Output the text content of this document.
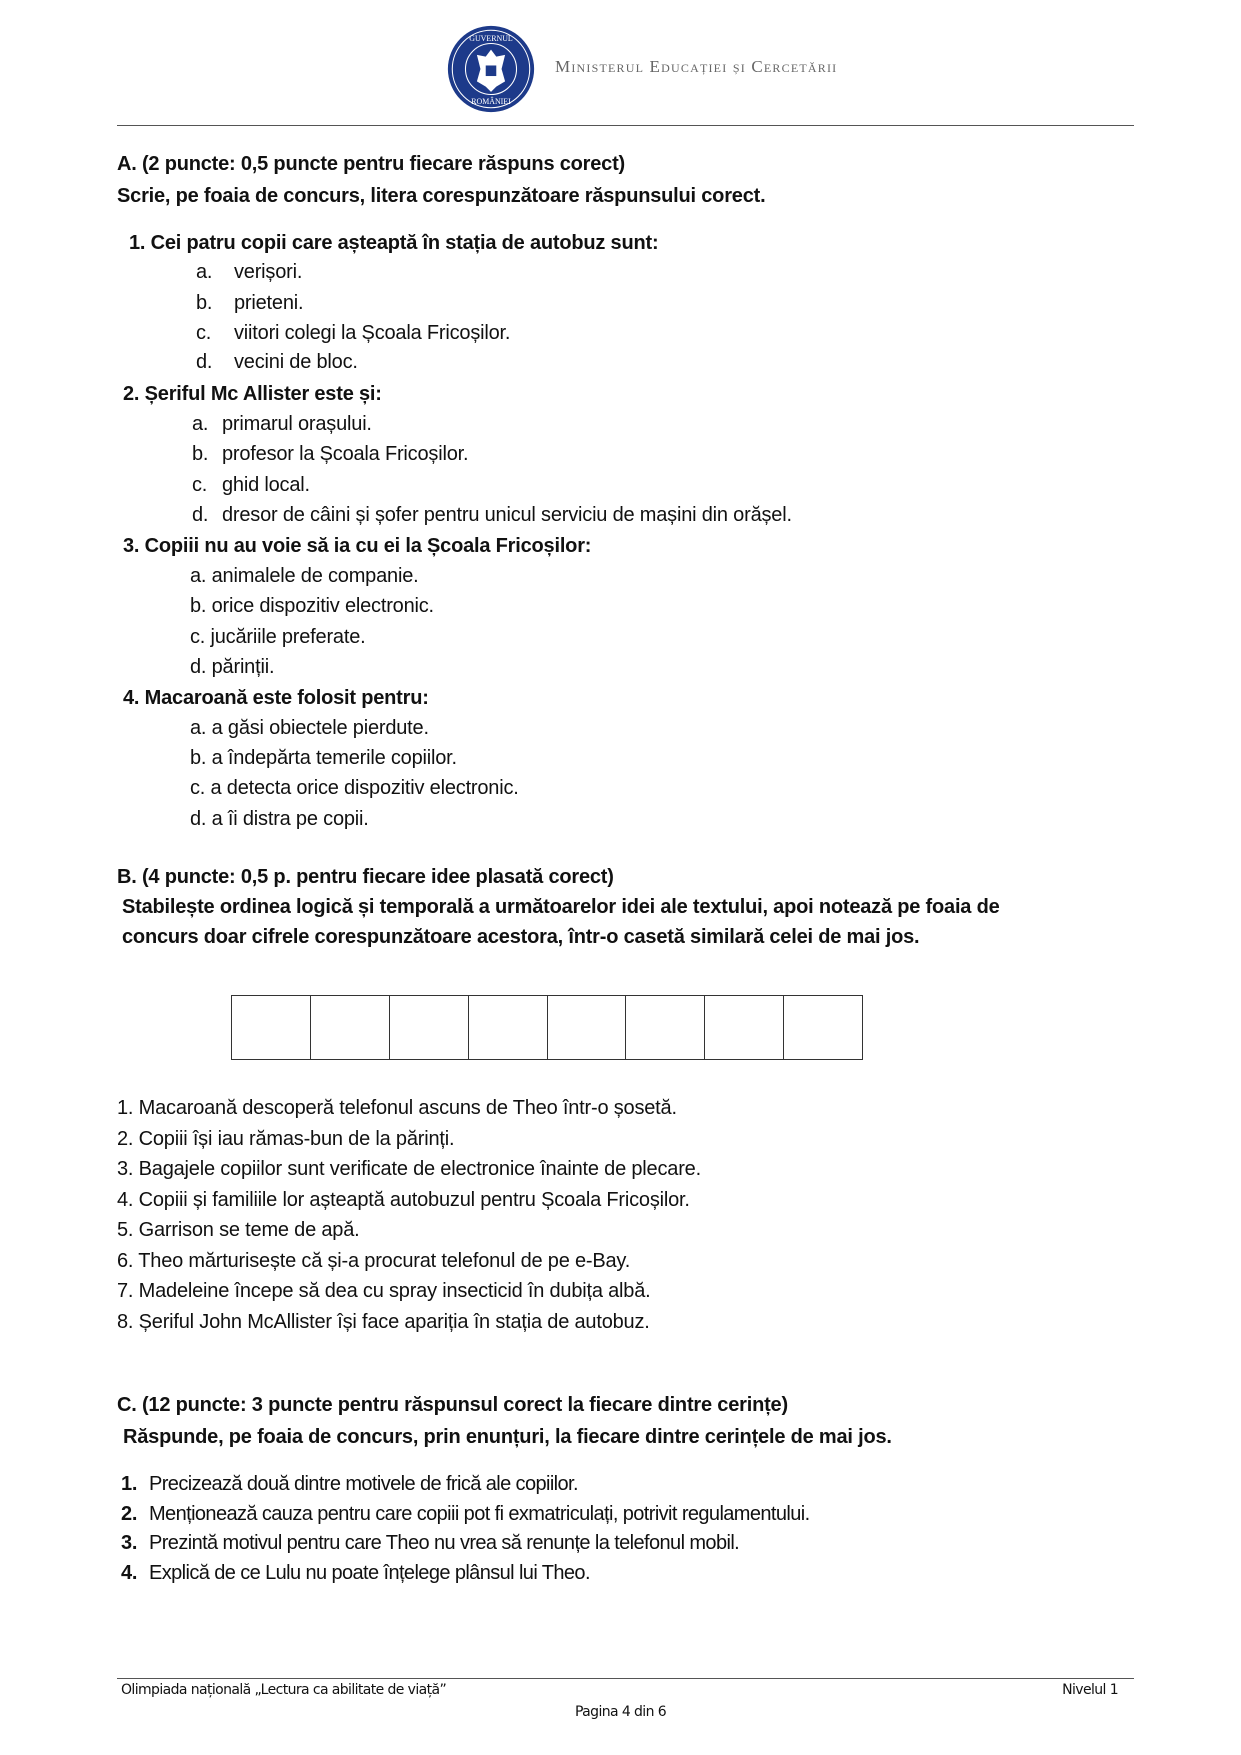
GUVERNUL
ROMÂNIEI
Ministerul Educației și Cercetării
A. (2 puncte: 0,5 puncte pentru fiecare răspuns corect)
Scrie, pe foaia de concurs, litera corespunzătoare răspunsului corect.
1. Cei patru copii care așteaptă în stația de autobuz sunt:
a. verișori.
b. prieteni.
c. viitori colegi la Școala Fricoșilor.
d. vecini de bloc.
2. Șeriful Mc Allister este și:
a. primarul orașului.
b. profesor la Școala Fricoșilor.
c. ghid local.
d. dresor de câini și șofer pentru unicul serviciu de mașini din orășel.
3. Copiii nu au voie să ia cu ei la Școala Fricoșilor:
a. animalele de companie.
b. orice dispozitiv electronic.
c. jucăriile preferate.
d. părinții.
4. Macaroană este folosit pentru:
a. a găsi obiectele pierdute.
b. a îndepărta temerile copiilor.
c. a detecta orice dispozitiv electronic.
d. a îi distra pe copii.
B. (4 puncte: 0,5 p. pentru fiecare idee plasată corect)
Stabilește ordinea logică și temporală a următoarelor idei ale textului, apoi notează pe foaia de
concurs doar cifrele corespunzătoare acestora, într-o casetă similară celei de mai jos.
1. Macaroană descoperă telefonul ascuns de Theo într-o șosetă.
2. Copiii își iau rămas-bun de la părinți.
3. Bagajele copiilor sunt verificate de electronice înainte de plecare.
4. Copiii și familiile lor așteaptă autobuzul pentru Școala Fricoșilor.
5. Garrison se teme de apă.
6. Theo mărturisește că și-a procurat telefonul de pe e-Bay.
7. Madeleine începe să dea cu spray insecticid în dubița albă.
8. Șeriful John McAllister își face apariția în stația de autobuz.
C. (12 puncte: 3 puncte pentru răspunsul corect la fiecare dintre cerințe)
Răspunde, pe foaia de concurs, prin enunțuri, la fiecare dintre cerințele de mai jos.
1. Precizează două dintre motivele de frică ale copiilor.
2. Menționează cauza pentru care copiii pot fi exmatriculați, potrivit regulamentului.
3. Prezintă motivul pentru care Theo nu vrea să renunțe la telefonul mobil.
4. Explică de ce Lulu nu poate înțelege plânsul lui Theo.
Olimpiada națională „Lectura ca abilitate de viață”	Nivelul 1
Pagina 4 din 6
